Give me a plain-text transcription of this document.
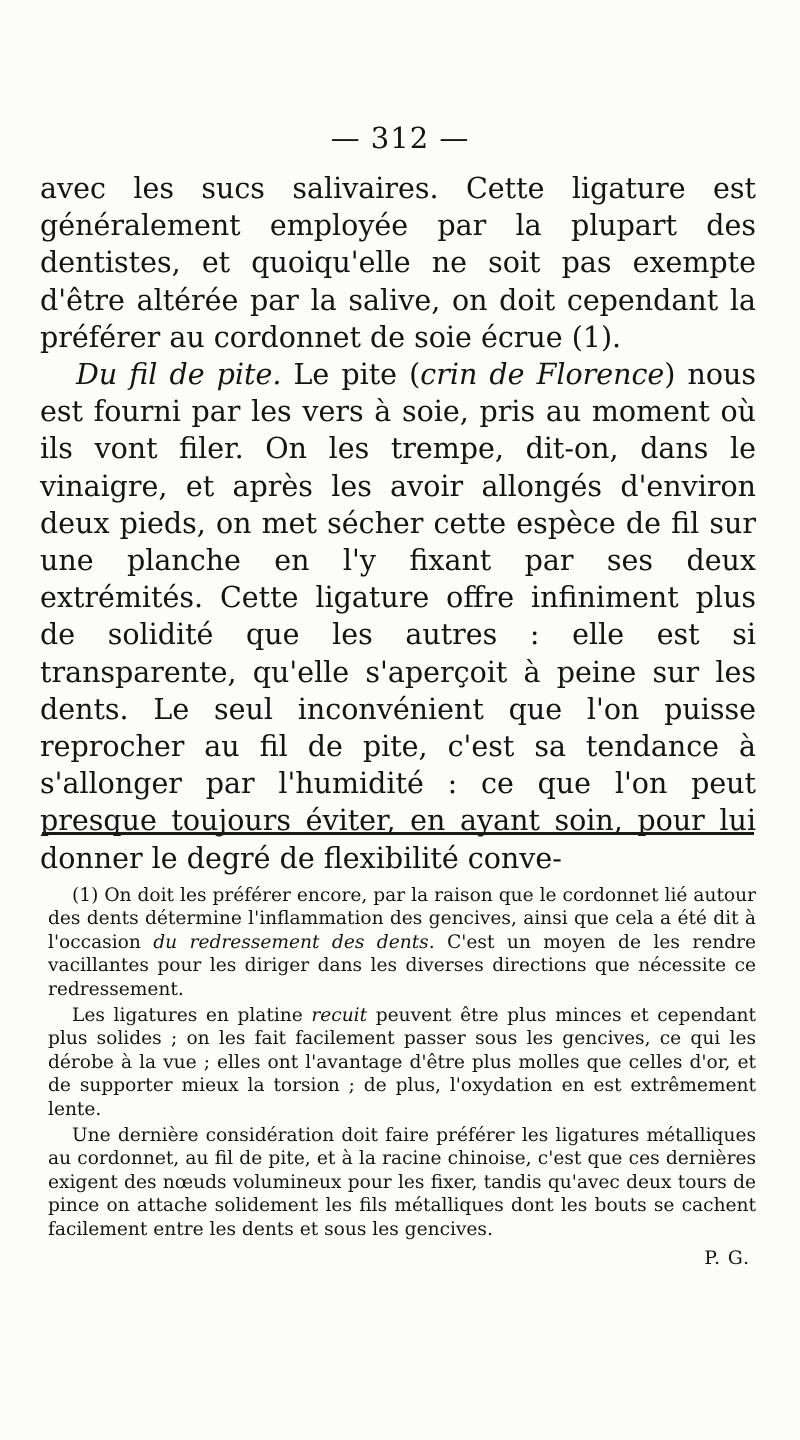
— 312 —

avec les sucs salivaires. Cette ligature est généralement employée par la plupart des dentistes, et quoiqu'elle ne soit pas exempte d'être altérée par la salive, on doit cependant la préférer au cordonnet de soie écrue (1).

Du fil de pite. Le pite (crin de Florence) nous est fourni par les vers à soie, pris au moment où ils vont filer. On les trempe, dit-on, dans le vinaigre, et après les avoir allongés d'environ deux pieds, on met sécher cette espèce de fil sur une planche en l'y fixant par ses deux extrémités. Cette ligature offre infiniment plus de solidité que les autres : elle est si transparente, qu'elle s'aperçoit à peine sur les dents. Le seul inconvénient que l'on puisse reprocher au fil de pite, c'est sa tendance à s'allonger par l'humidité : ce que l'on peut presque toujours éviter, en ayant soin, pour lui donner le degré de flexibilité conve-

(1) On doit les préférer encore, par la raison que le cordonnet lié autour des dents détermine l'inflammation des gencives, ainsi que cela a été dit à l'occasion du redressement des dents. C'est un moyen de les rendre vacillantes pour les diriger dans les diverses directions que nécessite ce redressement.

Les ligatures en platine recuit peuvent être plus minces et cependant plus solides ; on les fait facilement passer sous les gencives, ce qui les dérobe à la vue ; elles ont l'avantage d'être plus molles que celles d'or, et de supporter mieux la torsion ; de plus, l'oxydation en est extrêmement lente.

Une dernière considération doit faire préférer les ligatures métalliques au cordonnet, au fil de pite, et à la racine chinoise, c'est que ces dernières exigent des nœuds volumineux pour les fixer, tandis qu'avec deux tours de pince on attache solidement les fils métalliques dont les bouts se cachent facilement entre les dents et sous les gencives.

P. G.
